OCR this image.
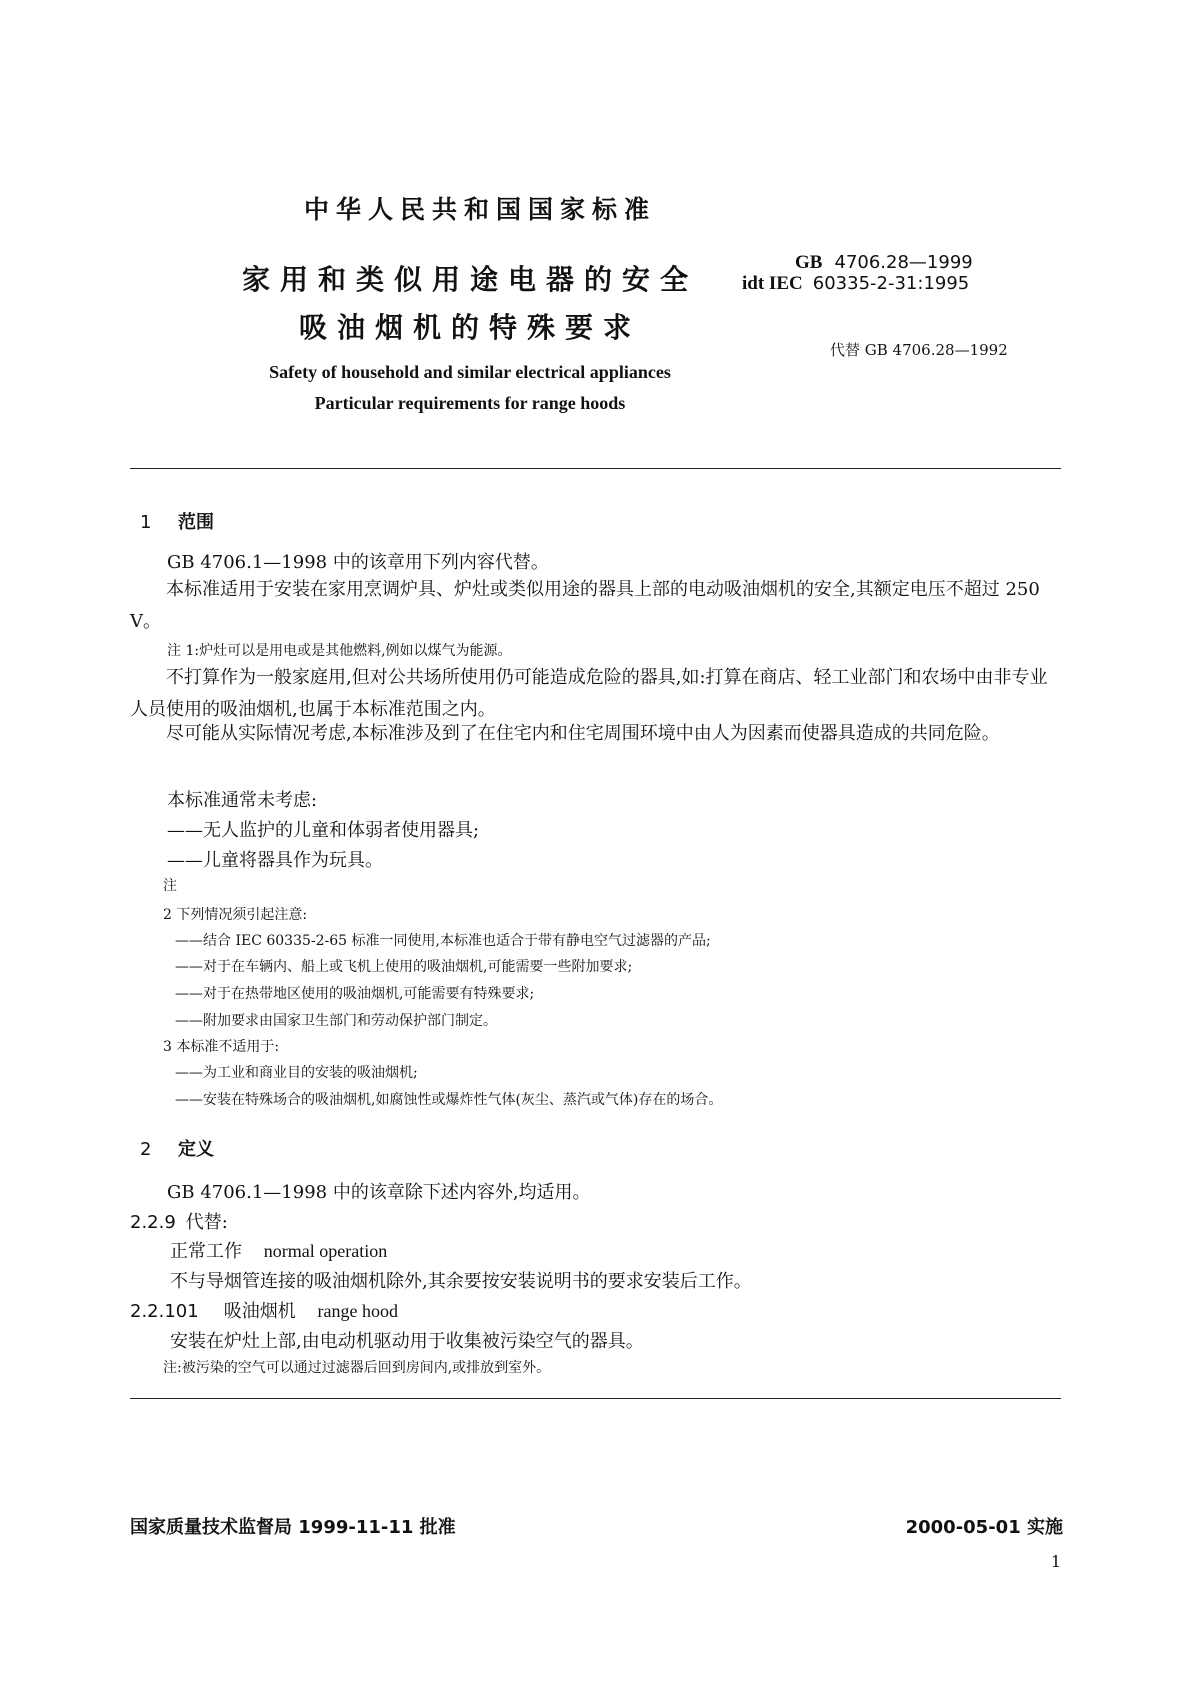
中华人民共和国国家标准
家用和类似用途电器的安全
吸油烟机的特殊要求
GB 4706.28—1999
idt IEC 60335-2-31:1995
代替 GB 4706.28—1992
Safety of household and similar electrical appliances
Particular requirements for range hoods
1 范围
GB 4706.1—1998 中的该章用下列内容代替。
本标准适用于安装在家用烹调炉具、炉灶或类似用途的器具上部的电动吸油烟机的安全,其额定电压不超过 250 V。
注 1:炉灶可以是用电或是其他燃料,例如以煤气为能源。
不打算作为一般家庭用,但对公共场所使用仍可能造成危险的器具,如:打算在商店、轻工业部门和农场中由非专业人员使用的吸油烟机,也属于本标准范围之内。
尽可能从实际情况考虑,本标准涉及到了在住宅内和住宅周围环境中由人为因素而使器具造成的共同危险。
本标准通常未考虑:
——无人监护的儿童和体弱者使用器具;
——儿童将器具作为玩具。
注
2 下列情况须引起注意:
——结合 IEC 60335-2-65 标准一同使用,本标准也适合于带有静电空气过滤器的产品;
——对于在车辆内、船上或飞机上使用的吸油烟机,可能需要一些附加要求;
——对于在热带地区使用的吸油烟机,可能需要有特殊要求;
——附加要求由国家卫生部门和劳动保护部门制定。
3 本标准不适用于:
——为工业和商业目的安装的吸油烟机;
——安装在特殊场合的吸油烟机,如腐蚀性或爆炸性气体(灰尘、蒸汽或气体)存在的场合。
2 定义
GB 4706.1—1998 中的该章除下述内容外,均适用。
2.2.9 代替:
正常工作 normal operation
不与导烟管连接的吸油烟机除外,其余要按安装说明书的要求安装后工作。
2.2.101 吸油烟机 range hood
安装在炉灶上部,由电动机驱动用于收集被污染空气的器具。
注:被污染的空气可以通过过滤器后回到房间内,或排放到室外。
国家质量技术监督局 1999-11-11 批准	2000-05-01 实施
1
